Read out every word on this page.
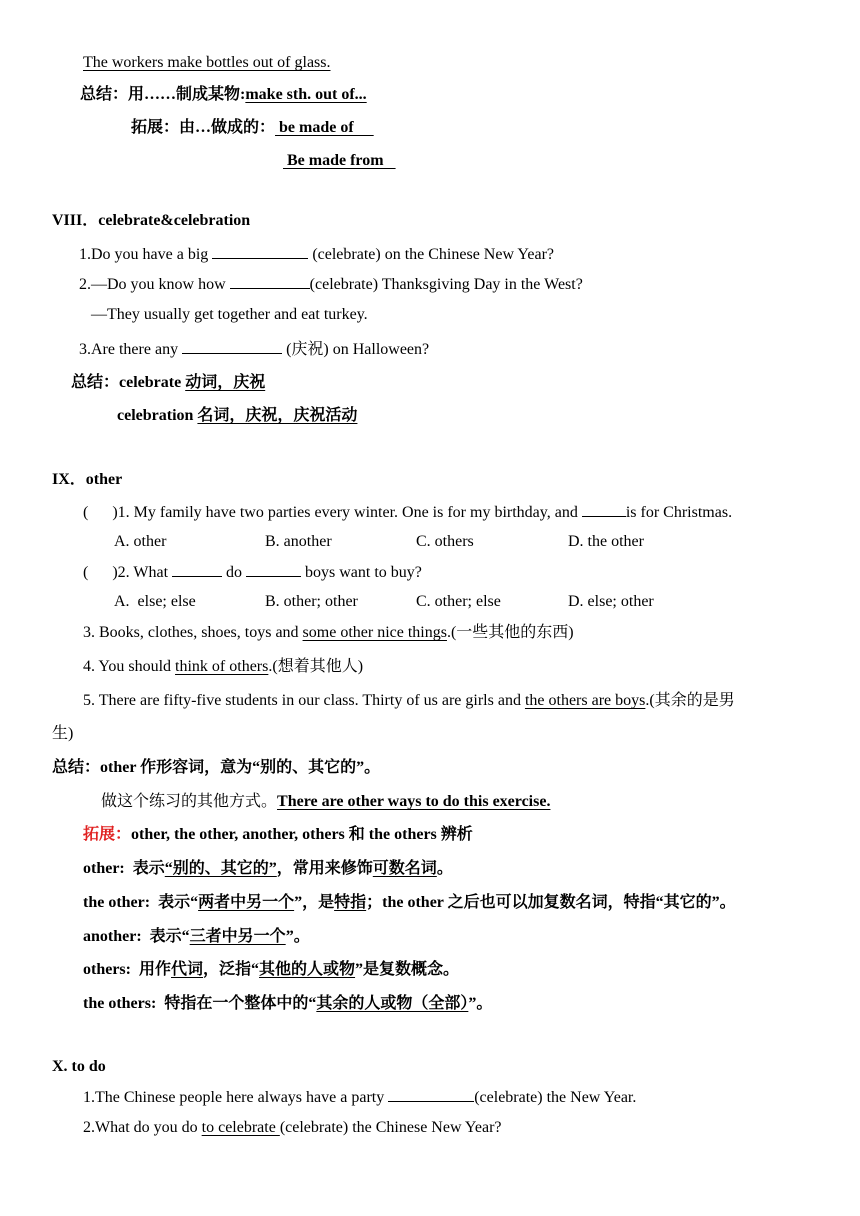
The workers make bottles out of glass.
总结：用……制成某物:make sth. out of...
拓展：由…做成的： be made of
Be made from
VIII．celebrate&celebration
1.Do you have a big	(celebrate) on the Chinese New Year?
2.—Do you know how	(celebrate) Thanksgiving Day in the West?
—They usually get together and eat turkey.
3.Are there any	(庆祝) on Halloween?
总结：celebrate 动词，庆祝
celebration 名词，庆祝，庆祝活动
IX．other
(      )1. My family have two parties every winter. One is for my birthday, and	is for Christmas.
A. other	B. another	C. others	D. the other
(      )2. What	do	boys want to buy?
A.  else; else	B. other; other	C. other; else	D. else; other
3. Books, clothes, shoes, toys and some other nice things.(一些其他的东西)
4. You should think of others.(想着其他人)
5. There are fifty-five students in our class. Thirty of us are girls and the others are boys.(其余的是男
生)
总结：other 作形容词，意为“别的、其它的”。
做这个练习的其他方式。There are other ways to do this exercise.
拓展：other, the other, another, others 和 the others 辨析
other:  表示“别的、其它的”，常用来修饰可数名词。
the other:  表示“两者中另一个”，是特指；the other 之后也可以加复数名词，特指“其它的”。
another:  表示“三者中另一个”。
others:  用作代词，泛指“其他的人或物”是复数概念。
the others:  特指在一个整体中的“其余的人或物（全部）”。
X. to do
1.The Chinese people here always have a party	(celebrate) the New Year.
2.What do you do to celebrate (celebrate) the Chinese New Year?
